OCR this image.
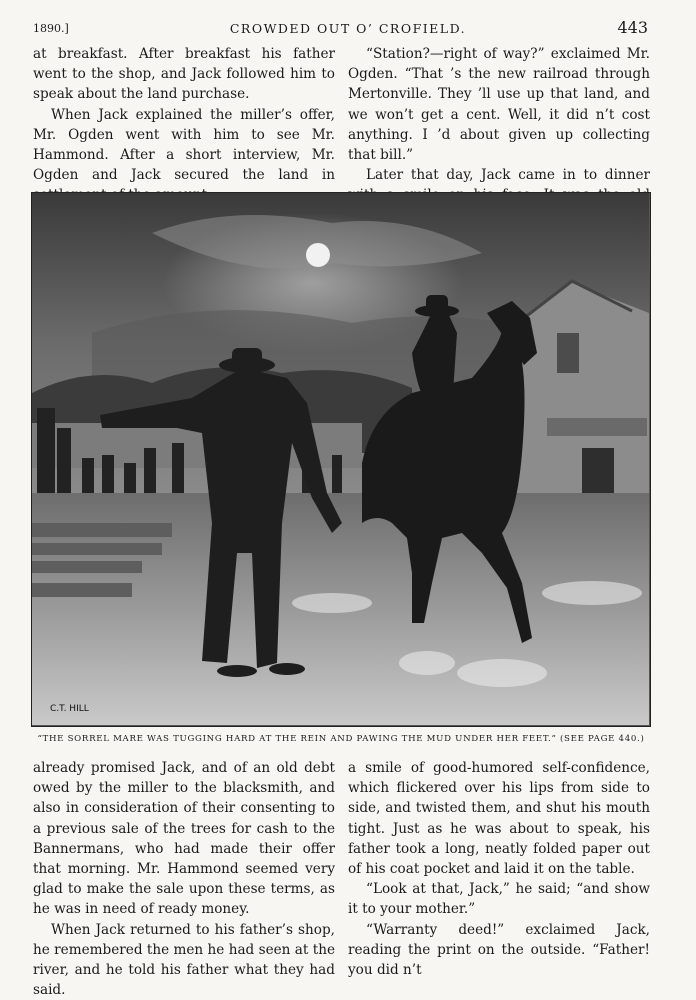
1890.]	CROWDED OUT O’ CROFIELD.	443

at breakfast. After breakfast his father went to the shop, and Jack followed him to speak about the land purchase.

When Jack explained the miller’s offer, Mr. Ogden went with him to see Mr. Hammond. After a short interview, Mr. Ogden and Jack secured the land in

“Station?—right of way?” exclaimed Mr. Ogden. “That ’s the new railroad through Mertonville. They ’ll use up that land, and we won’t get a cent. Well, it did n’t cost anything. I ’d about given up collecting that bill.”

Later that day, Jack came in to dinner

C.T. HILL
“THE SORREL MARE WAS TUGGING HARD AT THE REIN AND PAWING THE MUD UNDER HER FEET.” (SEE PAGE 440.)

already promised Jack, and of an old debt owed by the miller to the blacksmith, and also in consideration of their consenting to a previous sale of the trees for cash to the Bannermans, who had made their offer that morning. Mr. Hammond seemed very glad to make the sale upon these terms, as he was in need of ready money.

When Jack returned to his father’s shop, he remembered the men he had seen at the river, and he told his father what they had said.

a smile of good-humored self-confidence, which flickered over his lips from side to side, and twisted them, and shut his mouth tight. Just as he was about to speak, his father took a long, neatly folded paper out of his coat pocket and laid it on the table.

“Look at that, Jack,” he said; “and show it to your mother.”

“Warranty deed!” exclaimed Jack, reading the print on the outside. “Father! you did n’t
